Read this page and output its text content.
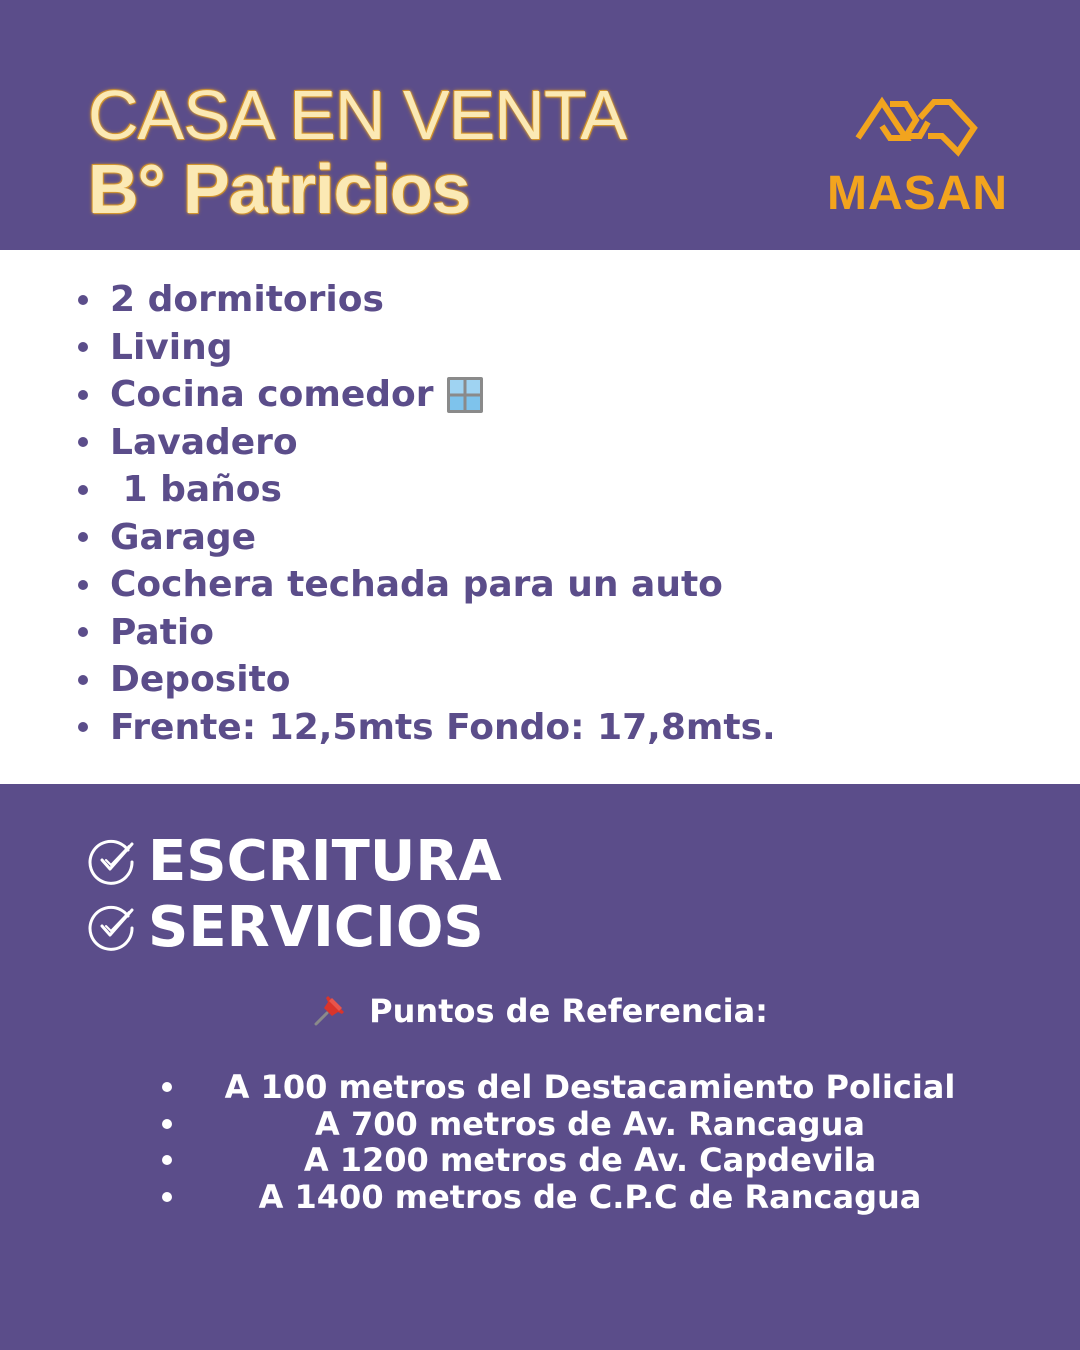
CASA EN VENTA
B° Patricios	MASAN
2 dormitorios
Living
Cocina comedor
Lavadero
1 baños
Garage
Cochera techada para un auto
Patio
Deposito
Frente: 12,5mts Fondo: 17,8mts.
ESCRITURA
SERVICIOS
Puntos de Referencia:
A 100 metros del Destacamiento Policial
A 700 metros de Av. Rancagua
A 1200 metros de Av. Capdevila
A 1400 metros de C.P.C de Rancagua
